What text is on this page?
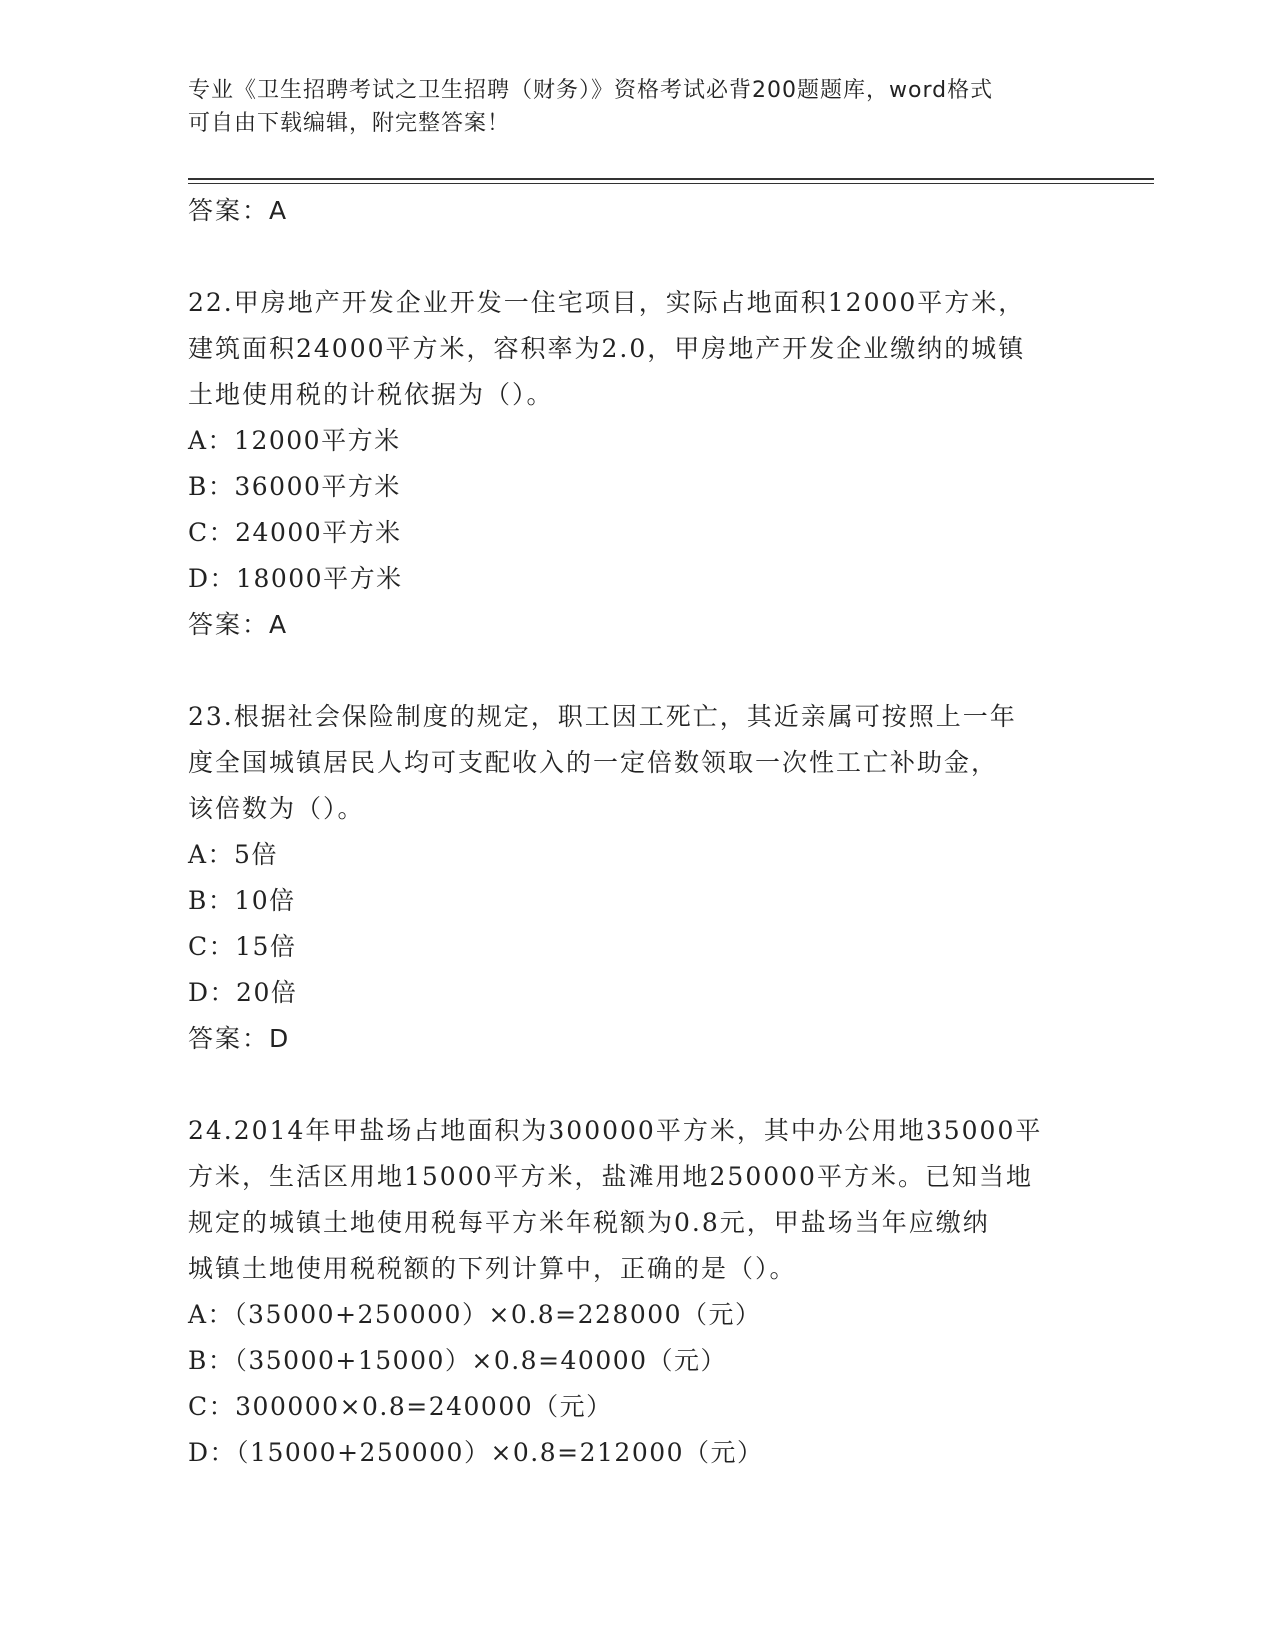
专业《卫生招聘考试之卫生招聘（财务）》资格考试必背200题题库，word格式
可自由下载编辑，附完整答案！
答案：A
22.甲房地产开发企业开发一住宅项目，实际占地面积12000平方米，
建筑面积24000平方米，容积率为2.0，甲房地产开发企业缴纳的城镇
土地使用税的计税依据为（）。
A：12000平方米
B：36000平方米
C：24000平方米
D：18000平方米
答案：A
23.根据社会保险制度的规定，职工因工死亡，其近亲属可按照上一年
度全国城镇居民人均可支配收入的一定倍数领取一次性工亡补助金，
该倍数为（）。
A：5倍
B：10倍
C：15倍
D：20倍
答案：D
24.2014年甲盐场占地面积为300000平方米，其中办公用地35000平
方米，生活区用地15000平方米，盐滩用地250000平方米。已知当地
规定的城镇土地使用税每平方米年税额为0.8元，甲盐场当年应缴纳
城镇土地使用税税额的下列计算中，正确的是（）。
A：（35000+250000）×0.8=228000（元）
B：（35000+15000）×0.8=40000（元）
C：300000×0.8=240000（元）
D：（15000+250000）×0.8=212000（元）
